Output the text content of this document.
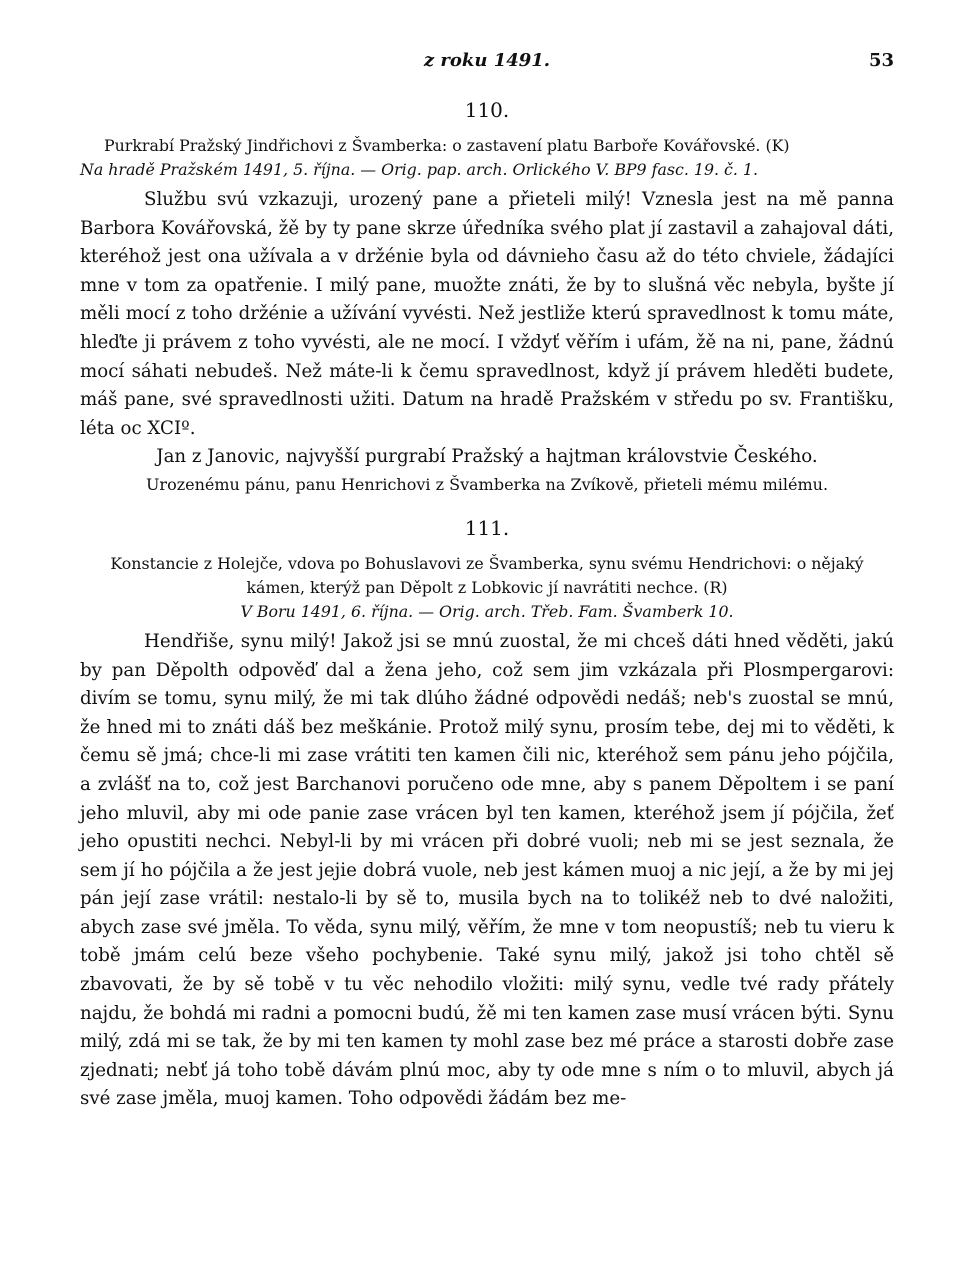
z roku 1491.	53
110.

Purkrabí Pražský Jindřichovi z Švamberka: o zastavení platu Barboře Kovářovské. (K)

Na hradě Pražském 1491, 5. října. — Orig. pap. arch. Orlického V. BP9 fasc. 19. č. 1.

Službu svú vzkazuji, urozený pane a přieteli milý! Vznesla jest na mě panna Barbora Kovářovská, žě by ty pane skrze úředníka svého plat jí zastavil a zahajoval dáti, kteréhož jest ona užívala a v držénie byla od dávnieho času až do této chviele, žádajíci mne v tom za opatřenie. I milý pane, muožte znáti, že by to slušná věc nebyla, byšte jí měli mocí z toho držénie a užívání vyvésti. Než jestliže kterú spravedlnost k tomu máte, hleďte ji právem z toho vyvésti, ale ne mocí. I vždyť věřím i ufám, žě na ni, pane, žádnú mocí sáhati nebudeš. Než máte-li k čemu spravedlnost, když jí právem hleděti budete, máš pane, své spravedlnosti užiti. Datum na hradě Pražském v středu po sv. Františku, léta oc XCIº.

Jan z Janovic, najvyšší purgrabí Pražský a hajtman královstvie Českého.

Urozenému pánu, panu Henrichovi z Švamberka na Zvíkově, přieteli mému milému.

111.

Konstancie z Holejče, vdova po Bohuslavovi ze Švamberka, synu svému Hendrichovi: o nějaký kámen, kterýž pan Děpolt z Lobkovic jí navrátiti nechce. (R)

V Boru 1491, 6. října. — Orig. arch. Třeb. Fam. Švamberk 10.

Hendřiše, synu milý! Jakož jsi se mnú zuostal, že mi chceš dáti hned věděti, jakú by pan Děpolth odpověď dal a žena jeho, což sem jim vzkázala při Plosmpergarovi: divím se tomu, synu milý, že mi tak dlúho žádné odpovědi nedáš; neb's zuostal se mnú, že hned mi to znáti dáš bez meškánie. Protož milý synu, prosím tebe, dej mi to věděti, k čemu sě jmá; chce-li mi zase vrátiti ten kamen čili nic, kteréhož sem pánu jeho pójčila, a zvlášť na to, což jest Barchanovi poručeno ode mne, aby s panem Děpoltem i se paní jeho mluvil, aby mi ode panie zase vrácen byl ten kamen, kteréhož jsem jí pójčila, žeť jeho opustiti nechci. Nebyl-li by mi vrácen při dobré vuoli; neb mi se jest seznala, že sem jí ho pójčila a že jest jejie dobrá vuole, neb jest kámen muoj a nic její, a že by mi jej pán její zase vrátil: nestalo-li by sě to, musila bych na to tolikéž neb to dvé naložiti, abych zase své jměla. To věda, synu milý, věřím, že mne v tom neopustíš; neb tu vieru k tobě jmám celú beze všeho pochybenie. Také synu milý, jakož jsi toho chtěl sě zbavovati, že by sě tobě v tu věc nehodilo vložiti: milý synu, vedle tvé rady přátely najdu, že bohdá mi radni a pomocni budú, žě mi ten kamen zase musí vrácen býti. Synu milý, zdá mi se tak, že by mi ten kamen ty mohl zase bez mé práce a starosti dobře zase zjednati; nebť já toho tobě dávám plnú moc, aby ty ode mne s ním o to mluvil, abych já své zase jměla, muoj kamen. Toho odpovědi žádám bez me-
